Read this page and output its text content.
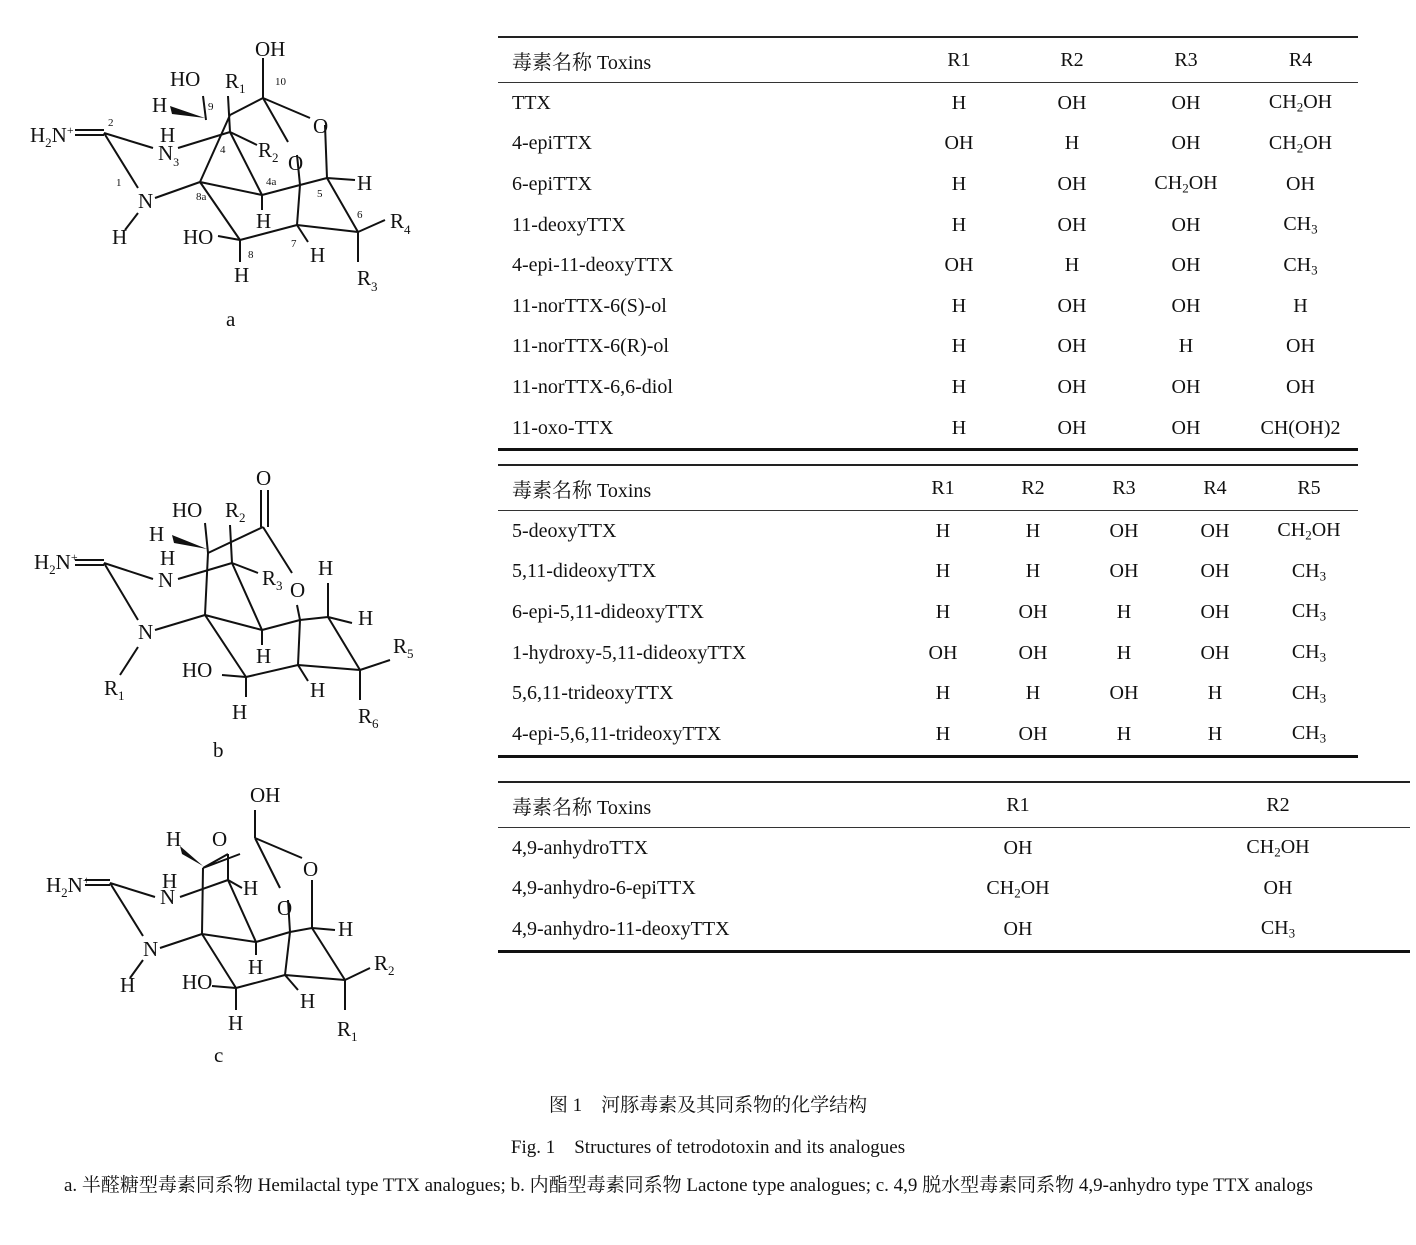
OH
HO $R_1$	10
H	9
$H_2N^+$	2	O
H
$N_3$
4 $R_2$ O
4a	H
1
5
8a
N
H	6 $R_4$
H	HO	7
8	H
H	$R_3$
a
O
HO $R_2$
H
$H_2N^+$	H
N	$R_3$
H
O
H
N
$R_5$
H
HO
H
$R_1$
H	$R_6$
b
OH
H O
$H_2N^+$	O
H
N	H
O
H
N
$R_2$
H
H HO
H
H	$R_1$
c
毒素名称 Toxins	R1	R2	R3	R4
TTX	H	OH	OH	$CH_2OH$
4-epiTTX	OH	H	OH	$CH_2OH$
6-epiTTX	H	OH	$CH_2OH$	OH
11-deoxyTTX	H	OH	OH	$CH_3$
4-epi-11-deoxyTTX	OH	H	OH	$CH_3$
11-norTTX-6(S)-ol	H	OH	OH	H
11-norTTX-6(R)-ol	H	OH	H	OH
11-norTTX-6,6-diol	H	OH	OH	OH
11-oxo-TTX	H	OH	OH	CH(OH)2
毒素名称 Toxins	R1	R2	R3	R4	R5
5-deoxyTTX	H	H	OH	OH	$CH_2OH$
5,11-dideoxyTTX	H	H	OH	OH	$CH_3$
6-epi-5,11-dideoxyTTX	H	OH	H	OH	$CH_3$
1-hydroxy-5,11-dideoxyTTX	OH	OH	H	OH	$CH_3$
5,6,11-trideoxyTTX	H	H	OH	H	$CH_3$
4-epi-5,6,11-trideoxyTTX	H	OH	H	H	$CH_3$
毒素名称 Toxins	R1	R2
4,9-anhydroTTX	OH	$CH_2OH$
4,9-anhydro-6-epiTTX	$CH_2OH$	OH
4,9-anhydro-11-deoxyTTX	OH	$CH_3$
图 1　河豚毒素及其同系物的化学结构
Fig. 1　Structures of tetrodotoxin and its analogues
a. 半醛糖型毒素同系物 Hemilactal type TTX analogues; b. 内酯型毒素同系物 Lactone type analogues; c. 4,9 脱水型毒素同系物 4,9-anhydro type TTX analogs
